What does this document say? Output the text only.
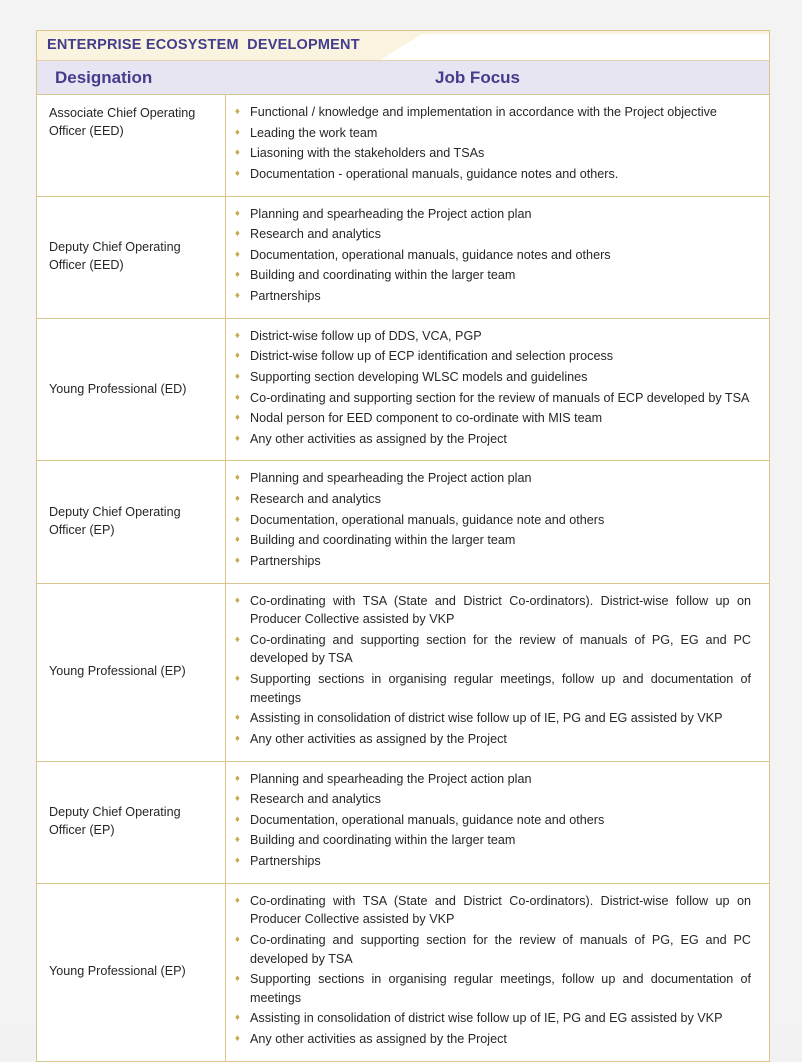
ENTERPRISE ECOSYSTEM  DEVELOPMENT
Designation	Job Focus
Associate Chief Operating Officer (EED)
♦ Functional / knowledge and implementation in accordance with the Project objective
♦ Leading the work team
♦ Liasoning with the stakeholders and TSAs
♦ Documentation - operational manuals, guidance notes and others.
Deputy Chief Operating Officer (EED)
♦ Planning and spearheading the Project action plan
♦ Research and analytics
♦ Documentation, operational manuals, guidance notes and others
♦ Building and coordinating within the larger team
♦ Partnerships
Young Professional (ED)
♦ District-wise follow up of DDS, VCA, PGP
♦ District-wise follow up of ECP identification and selection process
♦ Supporting section developing WLSC models and guidelines
♦ Co-ordinating and supporting section for the review of manuals of ECP developed by TSA
♦ Nodal person for EED component to co-ordinate with MIS team
♦ Any other activities as assigned by the Project
Deputy Chief Operating Officer (EP)
♦ Planning and spearheading the Project action plan
♦ Research and analytics
♦ Documentation, operational manuals, guidance note and others
♦ Building and coordinating within the larger team
♦ Partnerships
Young Professional (EP)
♦ Co-ordinating with TSA (State and District Co-ordinators). District-wise follow up on Producer Collective assisted by VKP
♦ Co-ordinating and supporting section for the review of manuals of PG, EG and PC developed by TSA
♦ Supporting sections in organising regular meetings, follow up and documentation of meetings
♦ Assisting in consolidation of district wise follow up of IE, PG and EG assisted by VKP
♦ Any other activities as assigned by the Project
Deputy Chief Operating Officer (EP)
♦ Planning and spearheading the Project action plan
♦ Research and analytics
♦ Documentation, operational manuals, guidance note and others
♦ Building and coordinating within the larger team
♦ Partnerships
Young Professional (EP)
♦ Co-ordinating with TSA (State and District Co-ordinators). District-wise follow up on Producer Collective assisted by VKP
♦ Co-ordinating and supporting section for the review of manuals of PG, EG and PC developed by TSA
♦ Supporting sections in organising regular meetings, follow up and documentation of meetings
♦ Assisting in consolidation of district wise follow up of IE, PG and EG assisted by VKP
♦ Any other activities as assigned by the Project
